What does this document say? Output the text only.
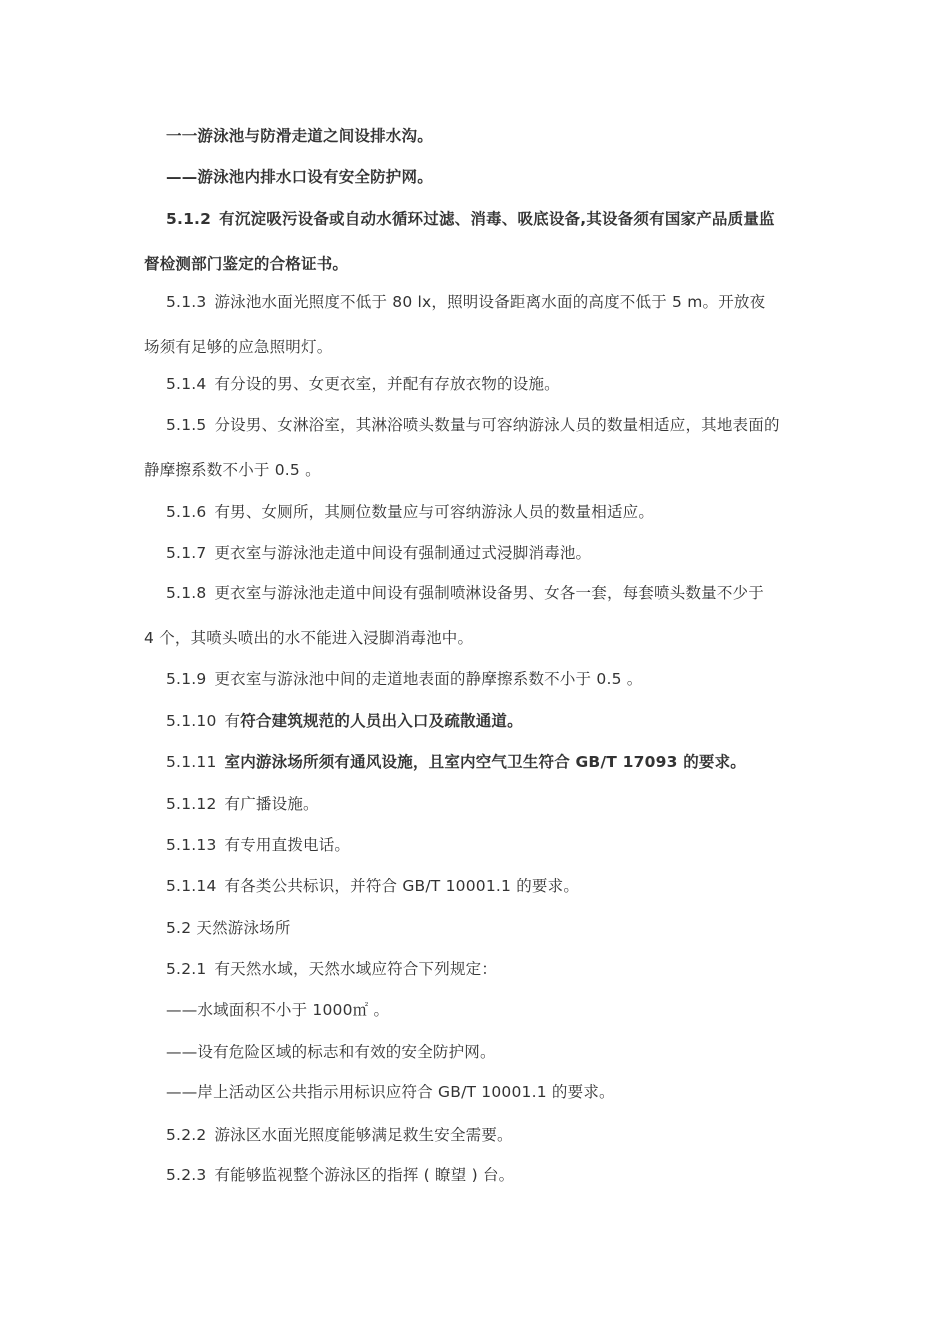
一一游泳池与防滑走道之间设排水沟。
——游泳池内排水口设有安全防护网。
5.1.2 有沉淀吸污设备或自动水循环过滤、消毒、吸底设备,其设备须有国家产品质量监
督检测部门鉴定的合格证书。
5.1.3 游泳池水面光照度不低于 80 lx，照明设备距离水面的高度不低于 5 m。开放夜
场须有足够的应急照明灯。
5.1.4 有分设的男、女更衣室，并配有存放衣物的设施。
5.1.5 分设男、女淋浴室，其淋浴喷头数量与可容纳游泳人员的数量相适应，其地表面的
静摩擦系数不小于 0.5 。
5.1.6 有男、女厕所，其厕位数量应与可容纳游泳人员的数量相适应。
5.1.7 更衣室与游泳池走道中间设有强制通过式浸脚消毒池。
5.1.8 更衣室与游泳池走道中间设有强制喷淋设备男、女各一套，每套喷头数量不少于
4 个，其喷头喷出的水不能进入浸脚消毒池中。
5.1.9 更衣室与游泳池中间的走道地表面的静摩擦系数不小于 0.5 。
5.1.10 有符合建筑规范的人员出入口及疏散通道。
5.1.11 室内游泳场所须有通风设施，且室内空气卫生符合 GB/T 17093 的要求。
5.1.12 有广播设施。
5.1.13 有专用直拨电话。
5.1.14 有各类公共标识，并符合 GB/T 10001.1 的要求。
5.2 天然游泳场所
5.2.1 有天然水域，天然水域应符合下列规定：
——水域面积不小于 1000㎡ 。
——设有危险区域的标志和有效的安全防护网。
——岸上活动区公共指示用标识应符合 GB/T 10001.1 的要求。
5.2.2 游泳区水面光照度能够满足救生安全需要。
5.2.3 有能够监视整个游泳区的指挥 ( 瞭望 ) 台。
